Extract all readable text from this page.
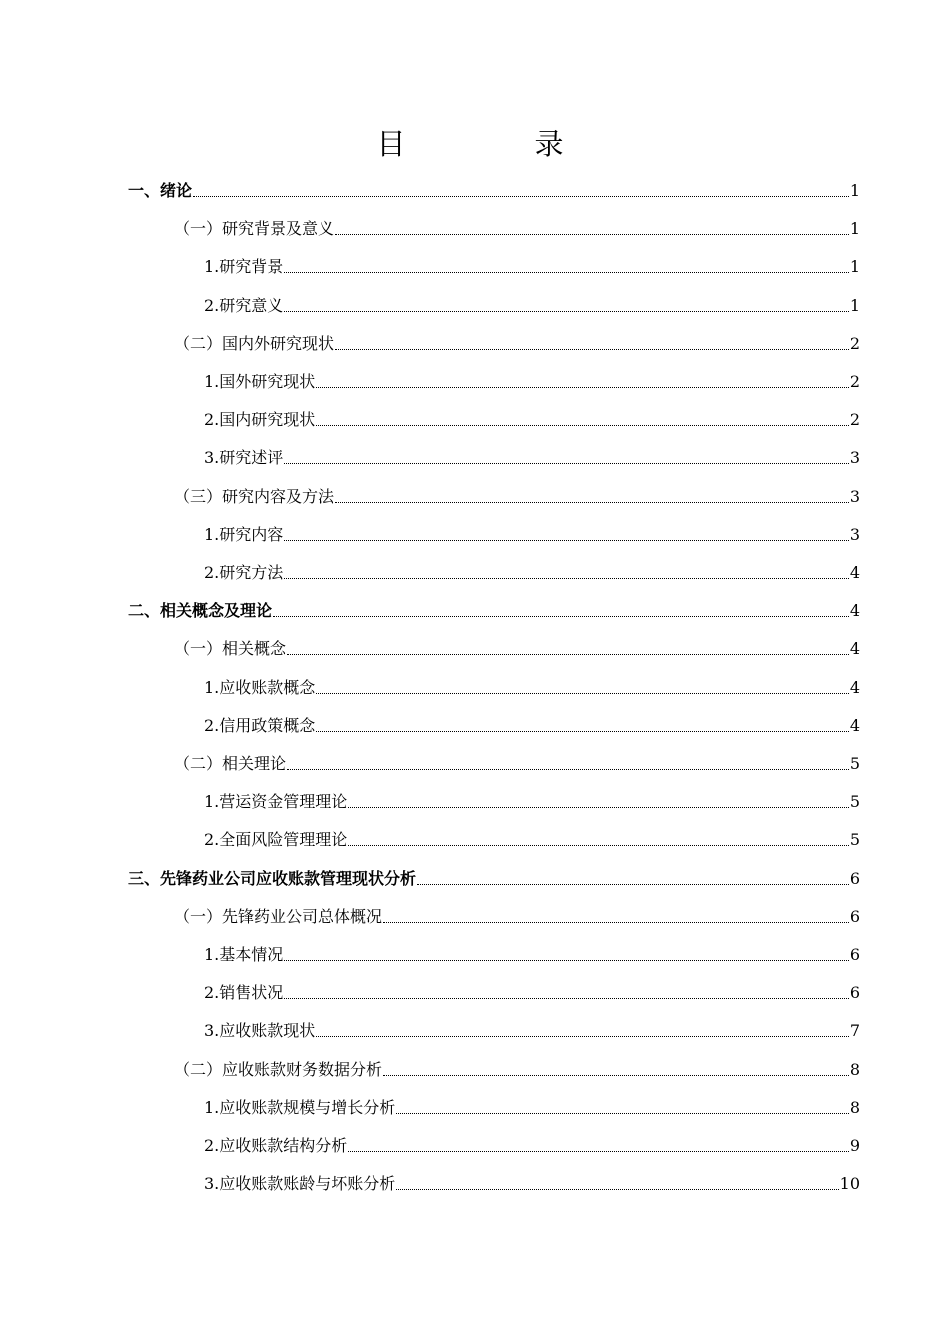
目　录
一、绪论	1
（一）研究背景及意义	1
1.研究背景	1
2.研究意义	1
（二）国内外研究现状	2
1.国外研究现状	2
2.国内研究现状	2
3.研究述评	3
（三）研究内容及方法	3
1.研究内容	3
2.研究方法	4
二、相关概念及理论	4
（一）相关概念	4
1.应收账款概念	4
2.信用政策概念	4
（二）相关理论	5
1.营运资金管理理论	5
2.全面风险管理理论	5
三、先锋药业公司应收账款管理现状分析	6
（一）先锋药业公司总体概况	6
1.基本情况	6
2.销售状况	6
3.应收账款现状	7
（二）应收账款财务数据分析	8
1.应收账款规模与增长分析	8
2.应收账款结构分析	9
3.应收账款账龄与坏账分析	10
